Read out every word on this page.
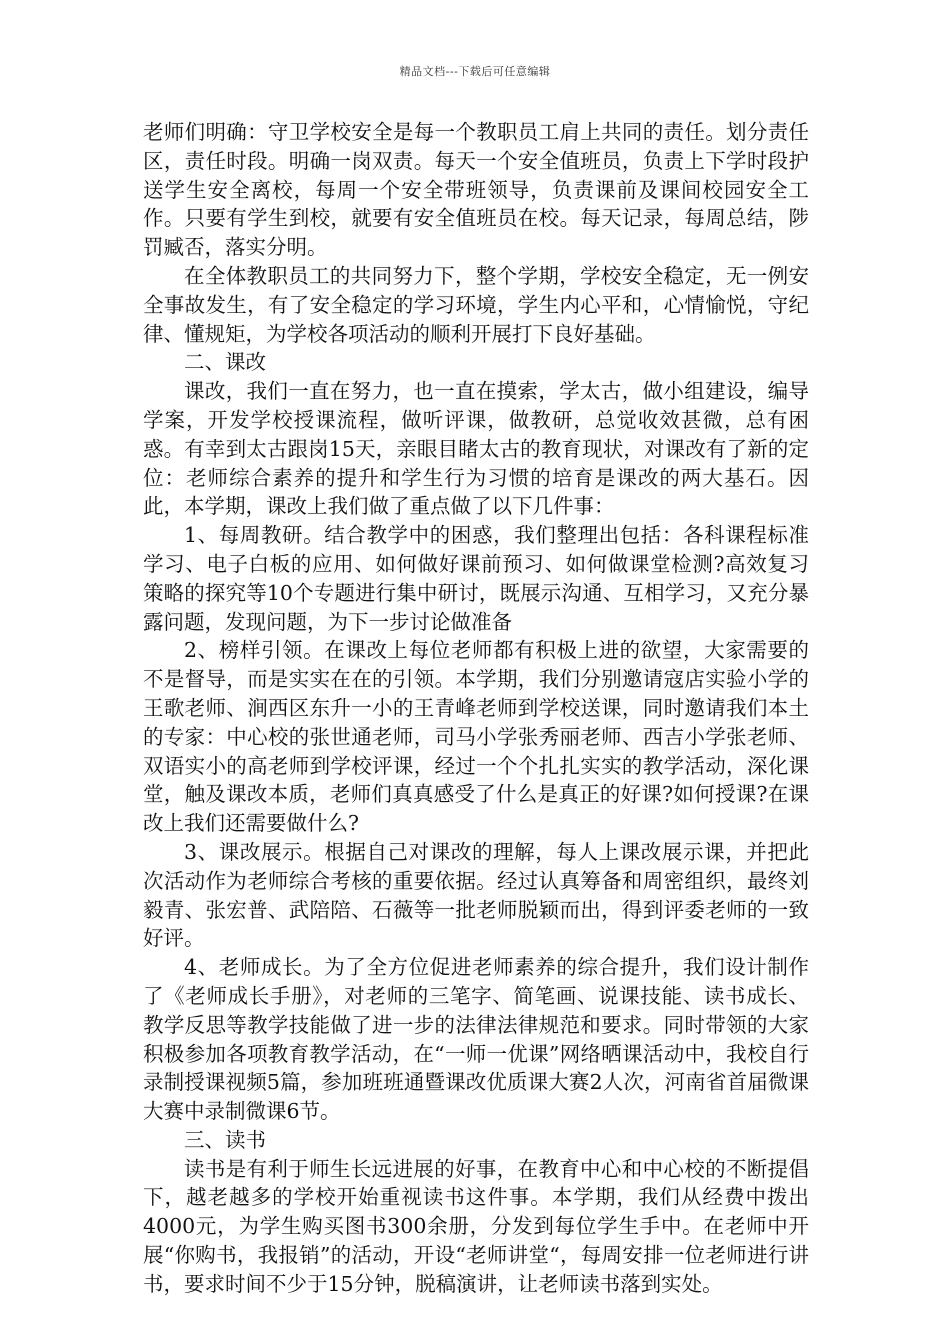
精品文档---下载后可任意编辑

老师们明确：守卫学校安全是每一个教职员工肩上共同的责任。划分责任区，责任时段。明确一岗双责。每天一个安全值班员，负责上下学时段护送学生安全离校，每周一个安全带班领导，负责课前及课间校园安全工作。只要有学生到校，就要有安全值班员在校。每天记录，每周总结，陟罚臧否，落实分明。

在全体教职员工的共同努力下，整个学期，学校安全稳定，无一例安全事故发生，有了安全稳定的学习环境，学生内心平和，心情愉悦，守纪律、懂规矩，为学校各项活动的顺利开展打下良好基础。

二、课改

课改，我们一直在努力，也一直在摸索，学太古，做小组建设，编导学案，开发学校授课流程，做听评课，做教研，总觉收效甚微，总有困惑。有幸到太古跟岗15天，亲眼目睹太古的教育现状，对课改有了新的定位：老师综合素养的提升和学生行为习惯的培育是课改的两大基石。因此，本学期，课改上我们做了重点做了以下几件事：

1、每周教研。结合教学中的困惑，我们整理出包括：各科课程标准学习、电子白板的应用、如何做好课前预习、如何做课堂检测?高效复习策略的探究等10个专题进行集中研讨，既展示沟通、互相学习，又充分暴露问题，发现问题，为下一步讨论做准备

2、榜样引领。在课改上每位老师都有积极上进的欲望，大家需要的不是督导，而是实实在在的引领。本学期，我们分别邀请寇店实验小学的王歌老师、涧西区东升一小的王青峰老师到学校送课，同时邀请我们本土的专家：中心校的张世通老师，司马小学张秀丽老师、西吉小学张老师、双语实小的高老师到学校评课，经过一个个扎扎实实的教学活动，深化课堂，触及课改本质，老师们真真感受了什么是真正的好课?如何授课?在课改上我们还需要做什么?

3、课改展示。根据自己对课改的理解，每人上课改展示课，并把此次活动作为老师综合考核的重要依据。经过认真筹备和周密组织，最终刘毅青、张宏普、武陪陪、石薇等一批老师脱颖而出，得到评委老师的一致好评。

4、老师成长。为了全方位促进老师素养的综合提升，我们设计制作了《老师成长手册》，对老师的三笔字、简笔画、说课技能、读书成长、教学反思等教学技能做了进一步的法律法律规范和要求。同时带领的大家积极参加各项教育教学活动，在“一师一优课”网络晒课活动中，我校自行录制授课视频5篇，参加班班通暨课改优质课大赛2人次，河南省首届微课大赛中录制微课6节。

三、读书

读书是有利于师生长远进展的好事，在教育中心和中心校的不断提倡下，越老越多的学校开始重视读书这件事。本学期，我们从经费中拨出4000元，为学生购买图书300余册，分发到每位学生手中。在老师中开展“你购书，我报销”的活动，开设“老师讲堂“，每周安排一位老师进行讲书，要求时间不少于15分钟，脱稿演讲，让老师读书落到实处。
